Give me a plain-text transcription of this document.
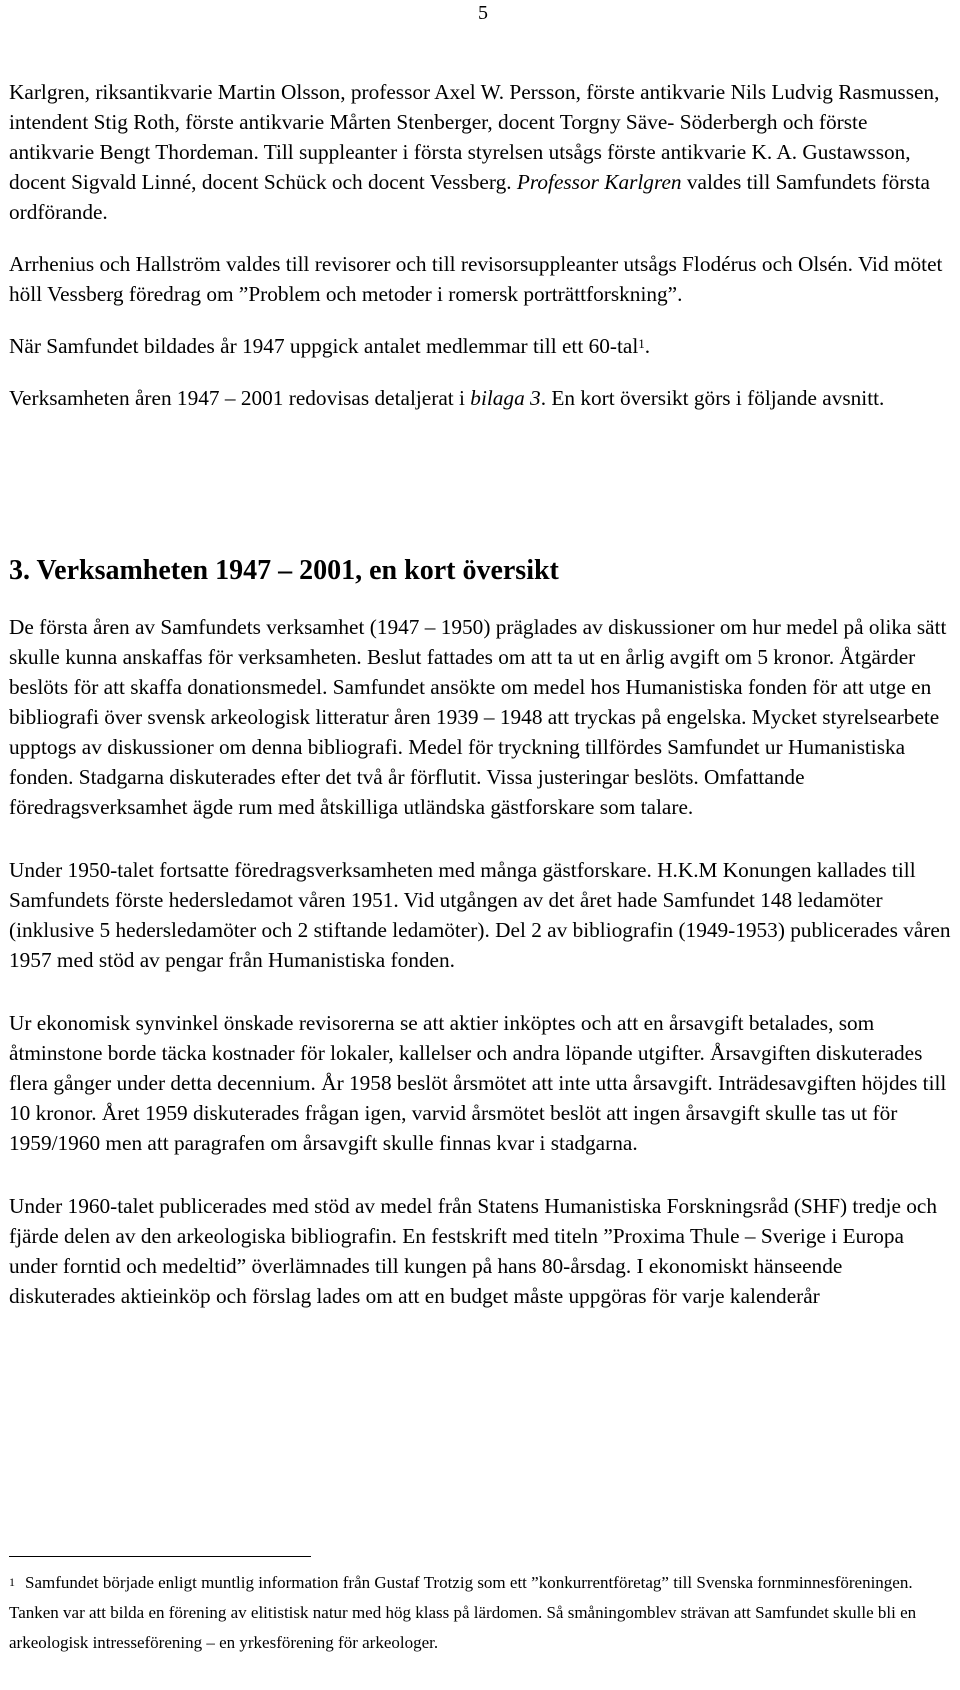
5

Karlgren, riksantikvarie Martin Olsson, professor Axel W. Persson, förste antikvarie Nils Ludvig Rasmussen, intendent Stig Roth, förste antikvarie Mårten Stenberger, docent Torgny Säve- Söderbergh och förste antikvarie Bengt Thordeman. Till suppleanter i första styrelsen utsågs förste antikvarie K. A. Gustawsson, docent Sigvald Linné, docent Schück och docent Vessberg. Professor Karlgren valdes till Samfundets första ordförande.

Arrhenius och Hallström valdes till revisorer och till revisorsuppleanter utsågs Flodérus och Olsén. Vid mötet höll Vessberg föredrag om ”Problem och metoder i romersk porträttforskning”.

När Samfundet bildades år 1947 uppgick antalet medlemmar till ett 60-tal$^1$.

Verksamheten åren 1947 – 2001 redovisas detaljerat i bilaga 3. En kort översikt görs i följande avsnitt.

3. Verksamheten 1947 – 2001, en kort översikt

De första åren av Samfundets verksamhet (1947 – 1950) präglades av diskussioner om hur medel på olika sätt skulle kunna anskaffas för verksamheten. Beslut fattades om att ta ut en årlig avgift om 5 kronor. Åtgärder beslöts för att skaffa donationsmedel. Samfundet ansökte om medel hos Humanistiska fonden för att utge en bibliografi över svensk arkeologisk litteratur åren 1939 – 1948 att tryckas på engelska. Mycket styrelsearbete upptogs av diskussioner om denna bibliografi. Medel för tryckning tillfördes Samfundet ur Humanistiska fonden. Stadgarna diskuterades efter det två år förflutit. Vissa justeringar beslöts. Omfattande föredragsverksamhet ägde rum med åtskilliga utländska gästforskare som talare.

Under 1950-talet fortsatte föredragsverksamheten med många gästforskare. H.K.M Konungen kallades till Samfundets förste hedersledamot våren 1951. Vid utgången av det året hade Samfundet 148 ledamöter (inklusive 5 hedersledamöter och 2 stiftande ledamöter). Del 2 av bibliografin (1949-1953) publicerades våren 1957 med stöd av pengar från Humanistiska fonden.

Ur ekonomisk synvinkel önskade revisorerna se att aktier inköptes och att en årsavgift betalades, som åtminstone borde täcka kostnader för lokaler, kallelser och andra löpande utgifter. Årsavgiften diskuterades flera gånger under detta decennium. År 1958 beslöt årsmötet att inte utta årsavgift. Inträdesavgiften höjdes till 10 kronor. Året 1959 diskuterades frågan igen, varvid årsmötet beslöt att ingen årsavgift skulle tas ut för 1959/1960 men att paragrafen om årsavgift skulle finnas kvar i stadgarna.

Under 1960-talet publicerades med stöd av medel från Statens Humanistiska Forskningsråd (SHF) tredje och fjärde delen av den arkeologiska bibliografin. En festskrift med titeln ”Proxima Thule – Sverige i Europa under forntid och medeltid” överlämnades till kungen på hans 80-årsdag. I ekonomiskt hänseende diskuterades aktieinköp och förslag lades om att en budget måste uppgöras för varje kalenderår

$^1$ Samfundet började enligt muntlig information från Gustaf Trotzig som ett ”konkurrentföretag” till Svenska fornminnesföreningen. Tanken var att bilda en förening av elitistisk natur med hög klass på lärdomen. Så småningomblev strävan att Samfundet skulle bli en arkeologisk intresseförening – en yrkesförening för arkeologer.
